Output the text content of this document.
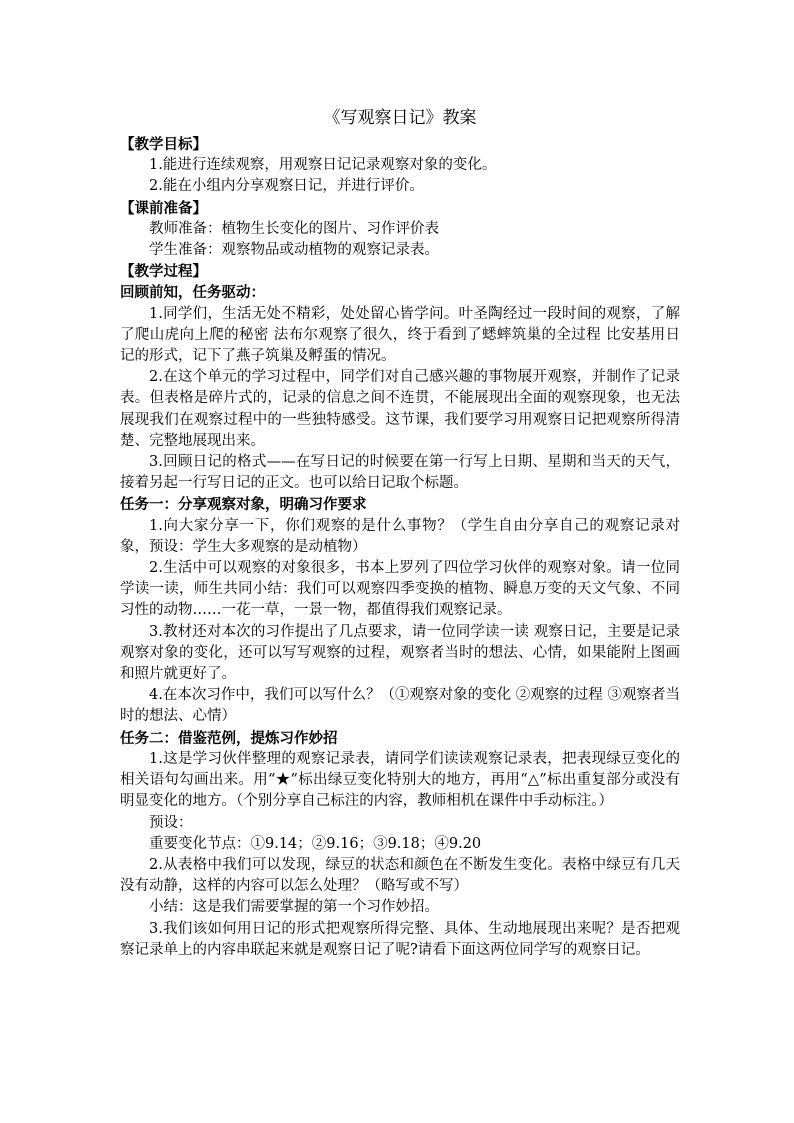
《写观察日记》教案
【教学目标】
1.能进行连续观察，用观察日记记录观察对象的变化。
2.能在小组内分享观察日记，并进行评价。
【课前准备】
教师准备：植物生长变化的图片、习作评价表
学生准备：观察物品或动植物的观察记录表。
【教学过程】
回顾前知，任务驱动：
1.同学们，生活无处不精彩，处处留心皆学问。叶圣陶经过一段时间的观察，了解了爬山虎向上爬的秘密 法布尔观察了很久，终于看到了蟋蟀筑巢的全过程 比安基用日记的形式，记下了燕子筑巢及孵蛋的情况。
2.在这个单元的学习过程中，同学们对自己感兴趣的事物展开观察，并制作了记录表。但表格是碎片式的，记录的信息之间不连贯，不能展现出全面的观察现象，也无法展现我们在观察过程中的一些独特感受。这节课，我们要学习用观察日记把观察所得清楚、完整地展现出来。
3.回顾日记的格式——在写日记的时候要在第一行写上日期、星期和当天的天气，接着另起一行写日记的正文。也可以给日记取个标题。
任务一：分享观察对象，明确习作要求
1.向大家分享一下，你们观察的是什么事物？（学生自由分享自己的观察记录对象，预设：学生大多观察的是动植物）
2.生活中可以观察的对象很多，书本上罗列了四位学习伙伴的观察对象。请一位同学读一读，师生共同小结：我们可以观察四季变换的植物、瞬息万变的天文气象、不同习性的动物……一花一草，一景一物，都值得我们观察记录。
3.教材还对本次的习作提出了几点要求，请一位同学读一读 观察日记，主要是记录观察对象的变化，还可以写写观察的过程，观察者当时的想法、心情，如果能附上图画和照片就更好了。
4.在本次习作中，我们可以写什么？（①观察对象的变化 ②观察的过程 ③观察者当时的想法、心情）
任务二：借鉴范例，提炼习作妙招
1.这是学习伙伴整理的观察记录表，请同学们读读观察记录表，把表现绿豆变化的相关语句勾画出来。用“★”标出绿豆变化特别大的地方，再用“△”标出重复部分或没有明显变化的地方。（个别分享自己标注的内容，教师相机在课件中手动标注。）
预设：
重要变化节点：①9.14；②9.16；③9.18；④9.20
2.从表格中我们可以发现，绿豆的状态和颜色在不断发生变化。表格中绿豆有几天没有动静，这样的内容可以怎么处理？（略写或不写）
小结：这是我们需要掌握的第一个习作妙招。
3.我们该如何用日记的形式把观察所得完整、具体、生动地展现出来呢？是否把观察记录单上的内容串联起来就是观察日记了呢?请看下面这两位同学写的观察日记。
